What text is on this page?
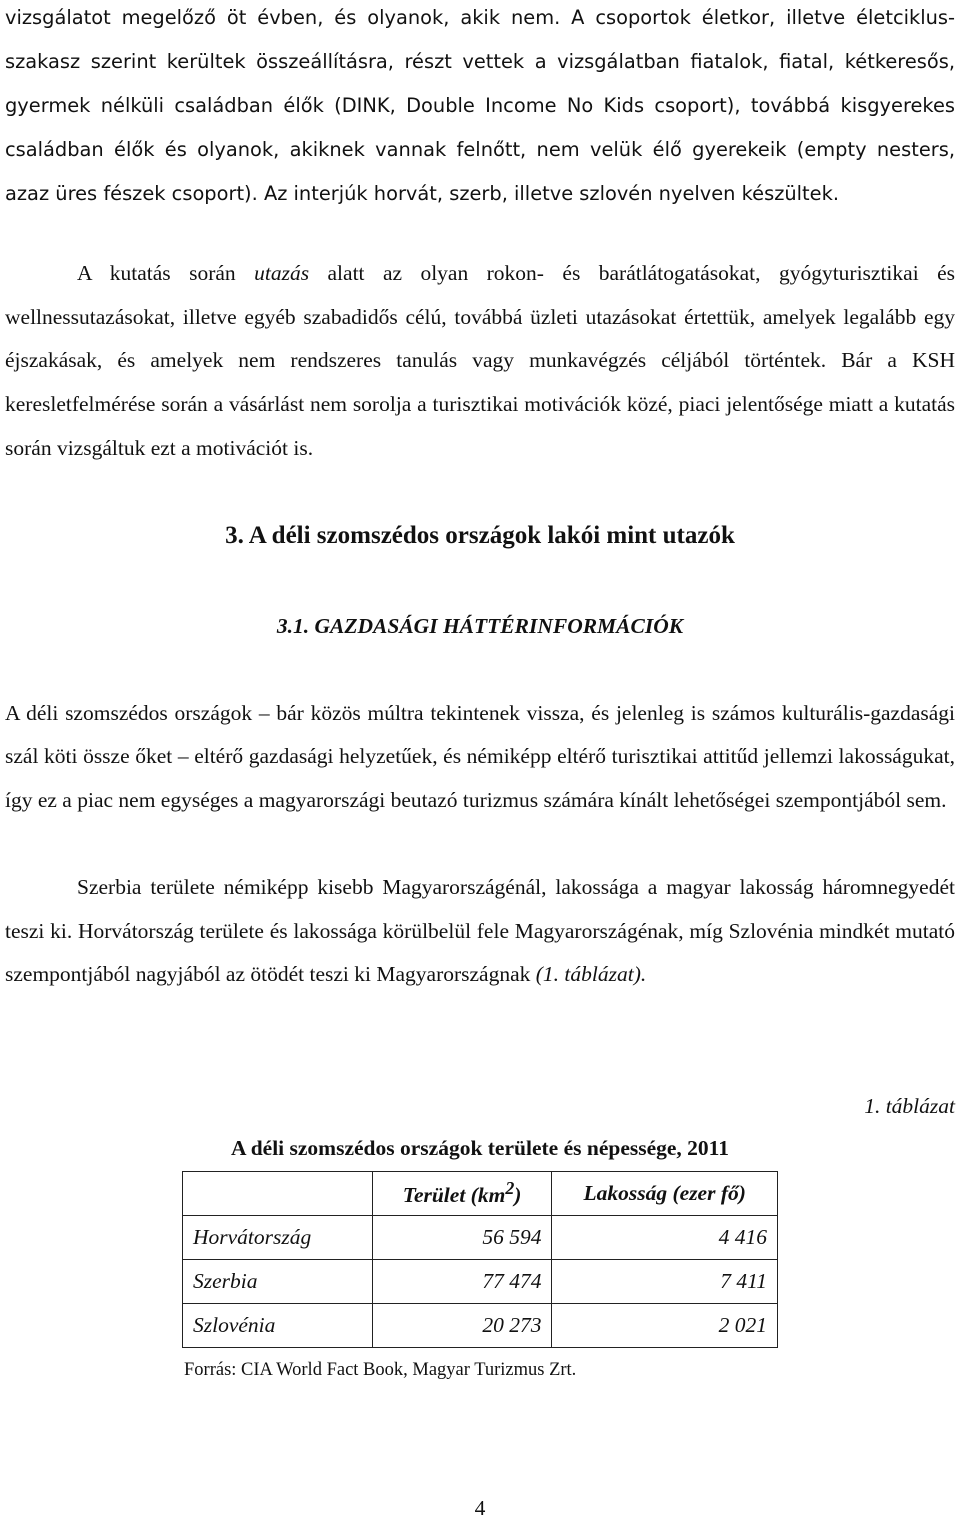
vizsgálatot megelőző öt évben, és olyanok, akik nem. A csoportok életkor, illetve életciklus-szakasz szerint kerültek összeállításra, részt vettek a vizsgálatban fiatalok, fiatal, kétkeresős, gyermek nélküli családban élők (DINK, Double Income No Kids csoport), továbbá kisgyerekes családban élők és olyanok, akiknek vannak felnőtt, nem velük élő gyerekeik (empty nesters, azaz üres fészek csoport). Az interjúk horvát, szerb, illetve szlovén nyelven készültek.

A kutatás során utazás alatt az olyan rokon- és barátlátogatásokat, gyógyturisztikai és wellnessutazásokat, illetve egyéb szabadidős célú, továbbá üzleti utazásokat értettük, amelyek legalább egy éjszakásak, és amelyek nem rendszeres tanulás vagy munkavégzés céljából történtek. Bár a KSH keresletfelmérése során a vásárlást nem sorolja a turisztikai motivációk közé, piaci jelentősége miatt a kutatás során vizsgáltuk ezt a motivációt is.

3. A déli szomszédos országok lakói mint utazók
3.1. GAZDASÁGI HÁTTÉRINFORMÁCIÓK

A déli szomszédos országok – bár közös múltra tekintenek vissza, és jelenleg is számos kulturális-gazdasági szál köti össze őket – eltérő gazdasági helyzetűek, és némiképp eltérő turisztikai attitűd jellemzi lakosságukat, így ez a piac nem egységes a magyarországi beutazó turizmus számára kínált lehetőségei szempontjából sem.

Szerbia területe némiképp kisebb Magyarországénál, lakossága a magyar lakosság háromnegyedét teszi ki. Horvátország területe és lakossága körülbelül fele Magyarországénak, míg Szlovénia mindkét mutató szempontjából nagyjából az ötödét teszi ki Magyarországnak (1. táblázat).

1. táblázat
A déli szomszédos országok területe és népessége, 2011
	Terület $(km^2)$	Lakosság (ezer fő)
Horvátország	56 594	4 416
Szerbia	77 474	7 411
Szlovénia	20 273	2 021
Forrás: CIA World Fact Book, Magyar Turizmus Zrt.
4
